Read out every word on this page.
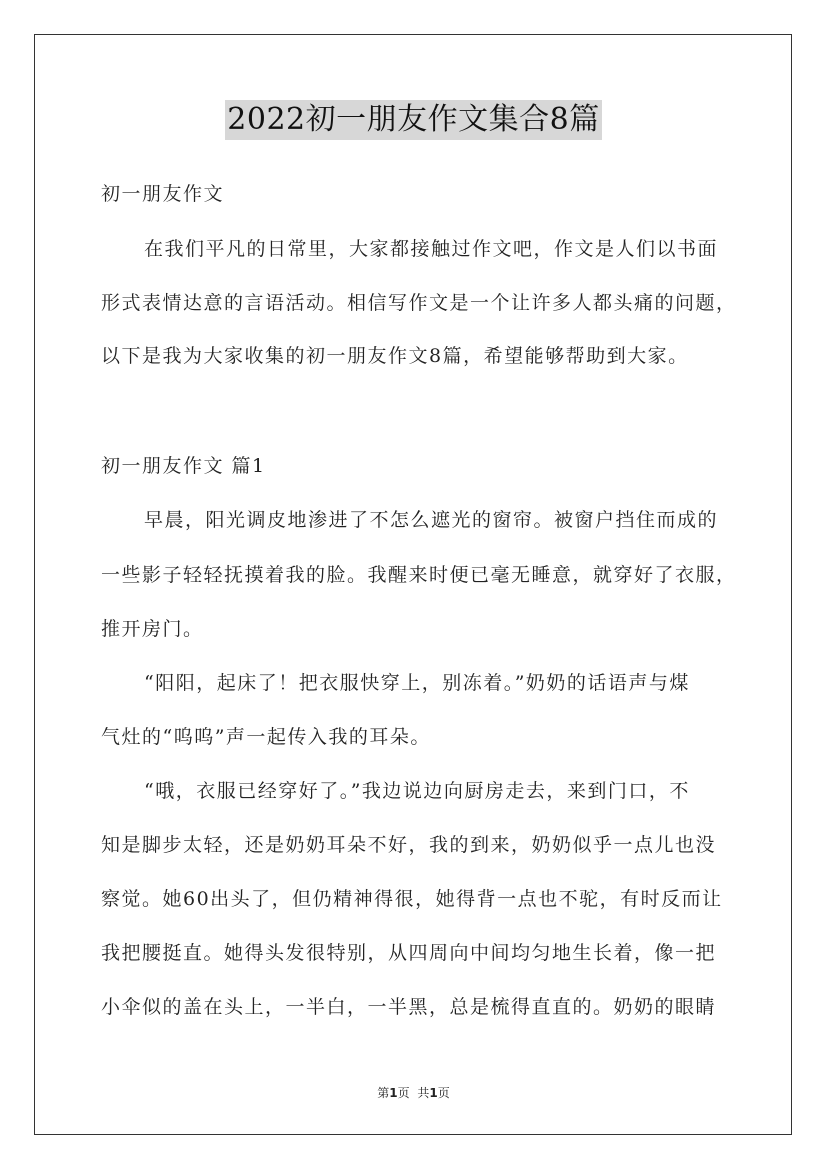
2022初一朋友作文集合8篇
初一朋友作文
在我们平凡的日常里，大家都接触过作文吧，作文是人们以书面
形式表情达意的言语活动。相信写作文是一个让许多人都头痛的问题，
以下是我为大家收集的初一朋友作文8篇，希望能够帮助到大家。
初一朋友作文 篇1
早晨，阳光调皮地渗进了不怎么遮光的窗帘。被窗户挡住而成的
一些影子轻轻抚摸着我的脸。我醒来时便已毫无睡意，就穿好了衣服，
推开房门。
“阳阳，起床了！把衣服快穿上，别冻着。”奶奶的话语声与煤
气灶的“呜呜”声一起传入我的耳朵。
“哦，衣服已经穿好了。”我边说边向厨房走去，来到门口，不
知是脚步太轻，还是奶奶耳朵不好，我的到来，奶奶似乎一点儿也没
察觉。她60出头了，但仍精神得很，她得背一点也不驼，有时反而让
我把腰挺直。她得头发很特别，从四周向中间均匀地生长着，像一把
小伞似的盖在头上，一半白，一半黑，总是梳得直直的。奶奶的眼睛
第1页 共1页
